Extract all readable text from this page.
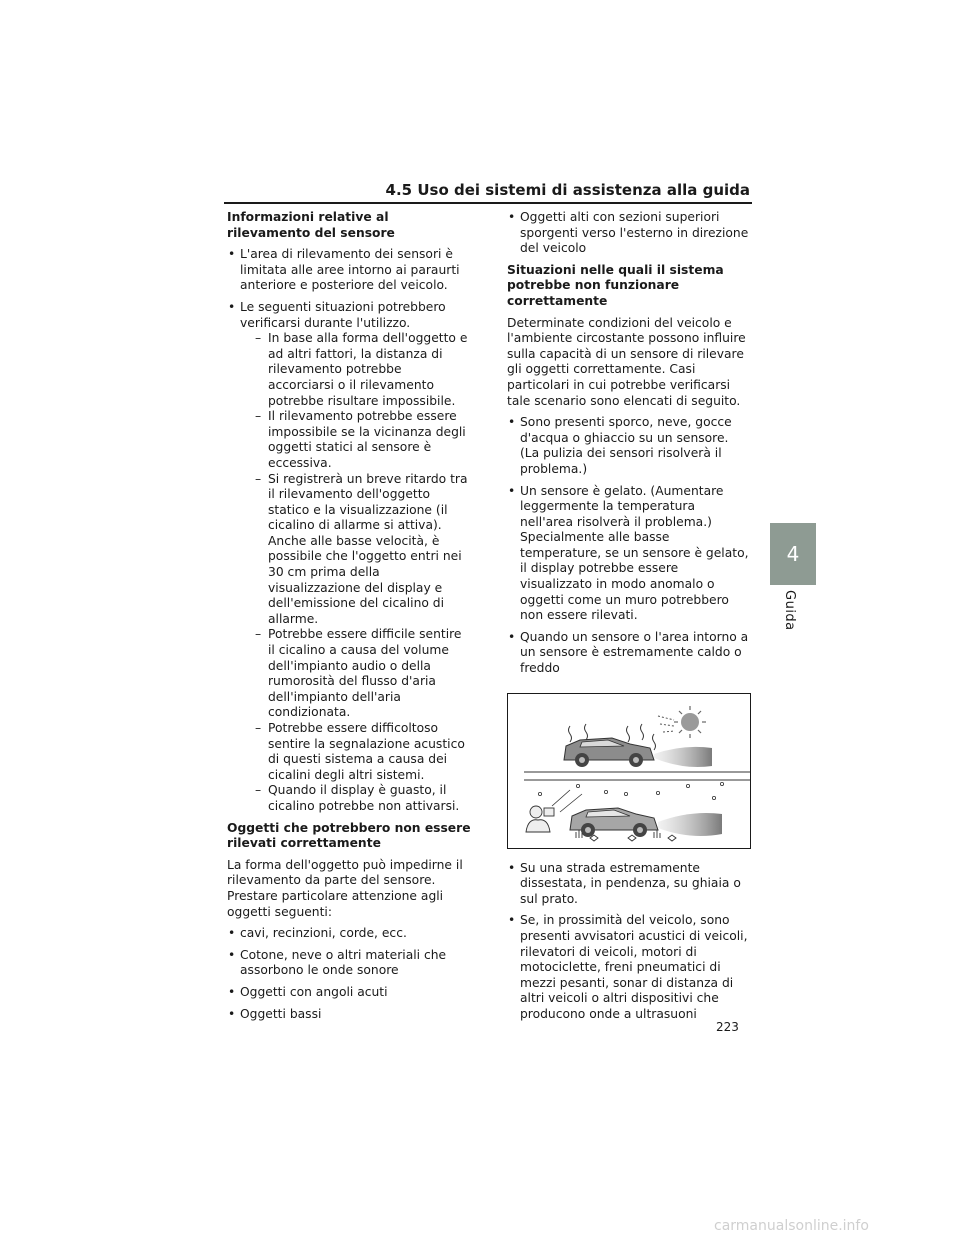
4.5 Uso dei sistemi di assistenza alla guida
4
Guida
Informazioni relative al rilevamento del sensore
• L'area di rilevamento dei sensori è limitata alle aree intorno ai paraurti anteriore e posteriore del veicolo.
• Le seguenti situazioni potrebbero verificarsi durante l'utilizzo.
– In base alla forma dell'oggetto e ad altri fattori, la distanza di rilevamento potrebbe accorciarsi o il rilevamento potrebbe risultare impossibile.
– Il rilevamento potrebbe essere impossibile se la vicinanza degli oggetti statici al sensore è eccessiva.
– Si registrerà un breve ritardo tra il rilevamento dell'oggetto statico e la visualizzazione (il cicalino di allarme si attiva). Anche alle basse velocità, è possibile che l'oggetto entri nei 30 cm prima della visualizzazione del display e dell'emissione del cicalino di allarme.
– Potrebbe essere difficile sentire il cicalino a causa del volume dell'impianto audio o della rumorosità del flusso d'aria dell'impianto dell'aria condizionata.
– Potrebbe essere difficoltoso sentire la segnalazione acustico di questi sistema a causa dei cicalini degli altri sistemi.
– Quando il display è guasto, il cicalino potrebbe non attivarsi.
Oggetti che potrebbero non essere rilevati correttamente

La forma dell'oggetto può impedirne il rilevamento da parte del sensore. Prestare particolare attenzione agli oggetti seguenti:

• cavi, recinzioni, corde, ecc.
• Cotone, neve o altri materiali che assorbono le onde sonore
• Oggetti con angoli acuti
• Oggetti bassi
• Oggetti alti con sezioni superiori sporgenti verso l'esterno in direzione del veicolo
Situazioni nelle quali il sistema potrebbe non funzionare correttamente

Determinate condizioni del veicolo e l'ambiente circostante possono influire sulla capacità di un sensore di rilevare gli oggetti correttamente. Casi particolari in cui potrebbe verificarsi tale scenario sono elencati di seguito.

• Sono presenti sporco, neve, gocce d'acqua o ghiaccio su un sensore. (La pulizia dei sensori risolverà il problema.)
• Un sensore è gelato. (Aumentare leggermente la temperatura nell'area risolverà il problema.) Specialmente alle basse temperature, se un sensore è gelato, il display potrebbe essere visualizzato in modo anomalo o oggetti come un muro potrebbero non essere rilevati.
• Quando un sensore o l'area intorno a un sensore è estremamente caldo o freddo
• Su una strada estremamente dissestata, in pendenza, su ghiaia o sul prato.
• Se, in prossimità del veicolo, sono presenti avvisatori acustici di veicoli, rilevatori di veicoli, motori di motociclette, freni pneumatici di mezzi pesanti, sonar di distanza di altri veicoli o altri dispositivi che producono onde a ultrasuoni
223
carmanualsonline.info
